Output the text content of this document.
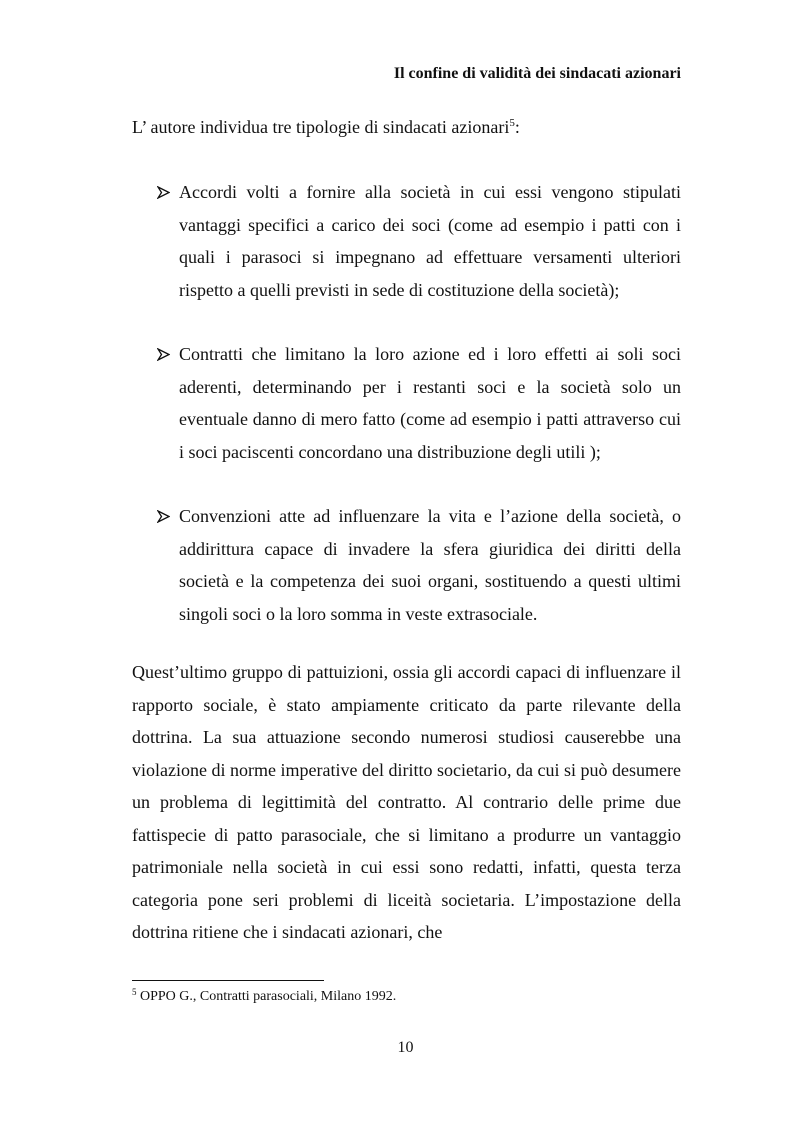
Il confine di validità dei sindacati azionari
L’ autore individua tre tipologie di sindacati azionari$^5$:
Accordi volti a fornire alla società in cui essi vengono stipulati vantaggi specifici a carico dei soci (come ad esempio i patti con i quali i parasoci si impegnano ad effettuare versamenti ulteriori rispetto a quelli previsti in sede di costituzione della società);
Contratti che limitano la loro azione ed i loro effetti ai soli soci aderenti, determinando per i restanti soci e la società solo un eventuale danno di mero fatto (come ad esempio i patti attraverso cui i soci paciscenti concordano una distribuzione degli utili );
Convenzioni atte ad influenzare la vita e l’azione della società, o addirittura capace di invadere la sfera giuridica dei diritti della società e la competenza dei suoi organi, sostituendo a questi ultimi singoli soci o la loro somma in veste extrasociale.

Quest’ultimo gruppo di pattuizioni, ossia gli accordi capaci di influenzare il rapporto sociale, è stato ampiamente criticato da parte rilevante della dottrina. La sua attuazione secondo numerosi studiosi causerebbe una violazione di norme imperative del diritto societario, da cui si può desumere un problema di legittimità del contratto. Al contrario delle prime due fattispecie di patto parasociale, che si limitano a produrre un vantaggio patrimoniale nella società in cui essi sono redatti, infatti, questa terza categoria pone seri problemi di liceità societaria. L’impostazione della dottrina ritiene che i sindacati azionari, che

$^5$ OPPO G., Contratti parasociali, Milano 1992.
10
